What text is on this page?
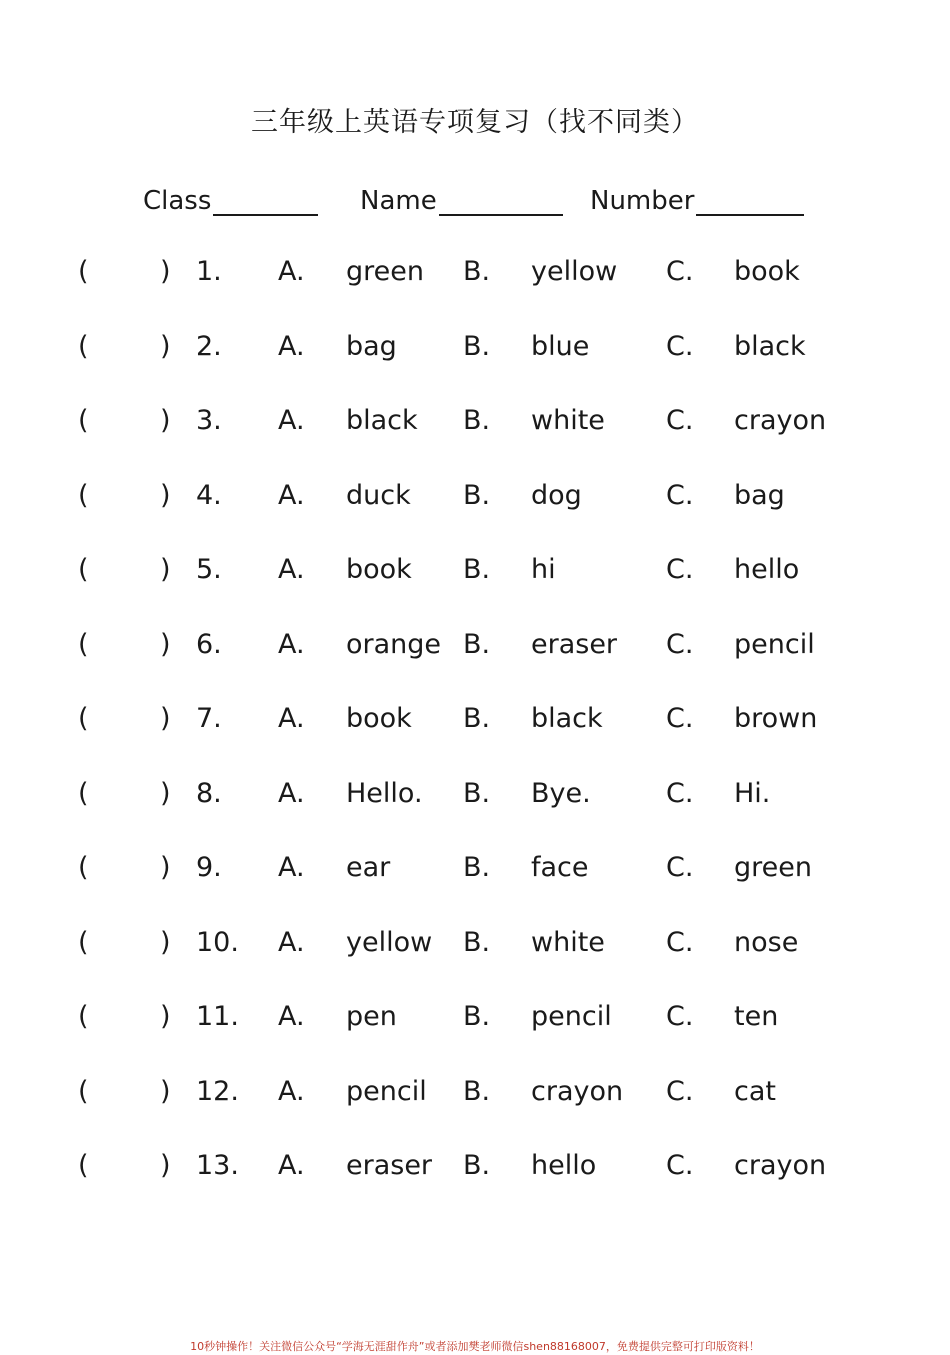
三年级上英语专项复习（找不同类）
Class	Name	Number
(	) 1. A. green B. yellow C. book
(	) 2. A. bag B. blue	C. black
(	) 3. A. black B. white C. crayon
(	) 4. A. duck B. dog	C. bag
(	) 5. A. book B. hi	C. hello
(	) 6. A. orange B. eraser C. pencil
(	) 7. A. book B. black C. brown
(	) 8. A. Hello. B. Bye.	C. Hi.
(	) 9. A. ear	B. face	C. green
(	) 10. A. yellow B. white C. nose
(	) 11. A. pen B. pencil C. ten
(	) 12. A. pencil B. crayon C. cat
(	) 13. A. eraser B. hello	C. crayon
10秒钟操作！关注微信公众号“学海无涯甜作舟”或者添加樊老师微信shen88168007，免费提供完整可打印版资料！
